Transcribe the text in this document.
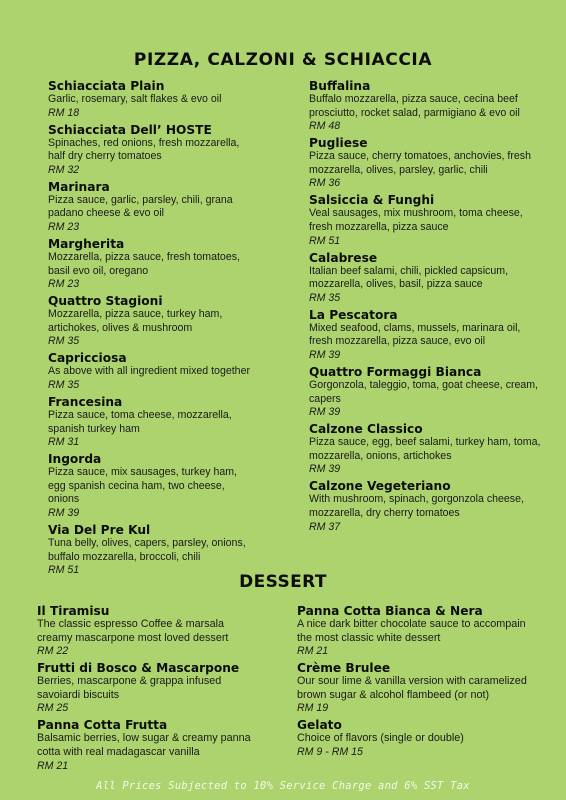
PIZZA, CALZONI & SCHIACCIA
Schiacciata Plain
Garlic, rosemary, salt flakes & evo oil
RM 18
Schiacciata Dell’ HOSTE
Spinaches, red onions, fresh mozzarella, half dry cherry tomatoes
RM 32
Marinara
Pizza sauce, garlic, parsley, chili, grana padano cheese & evo oil
RM 23
Margherita
Mozzarella, pizza sauce, fresh tomatoes, basil evo oil, oregano
RM 23
Quattro Stagioni
Mozzarella, pizza sauce, turkey ham, artichokes, olives & mushroom
RM 35
Capricciosa
As above with all ingredient mixed together
RM 35
Francesina
Pizza sauce, toma cheese, mozzarella, spanish turkey ham
RM 31
Ingorda
Pizza sauce, mix sausages, turkey ham, egg spanish cecina ham, two cheese, onions
RM 39
Via Del Pre Kul
Tuna belly, olives, capers, parsley, onions, buffalo mozzarella, broccoli, chili
RM 51
Buffalina
Buffalo mozzarella, pizza sauce, cecina beef prosciutto, rocket salad, parmigiano & evo oil
RM 48
Pugliese
Pizza sauce, cherry tomatoes, anchovies, fresh mozzarella, olives, parsley, garlic, chili
RM 36
Salsiccia & Funghi
Veal sausages, mix mushroom, toma cheese, fresh mozzarella, pizza sauce
RM 51
Calabrese
Italian beef salami, chili, pickled capsicum, mozzarella, olives, basil, pizza sauce
RM 35
La Pescatora
Mixed seafood, clams, mussels, marinara oil, fresh mozzarella, pizza sauce, evo oil
RM 39
Quattro Formaggi Bianca
Gorgonzola, taleggio, toma, goat cheese, cream, capers
RM 39
Calzone Classico
Pizza sauce, egg, beef salami, turkey ham, toma, mozzarella, onions, artichokes
RM 39
Calzone Vegeteriano
With mushroom, spinach, gorgonzola cheese, mozzarella, dry cherry tomatoes
RM 37
DESSERT
Il Tiramisu
The classic espresso Coffee & marsala creamy mascarpone most loved dessert
RM 22
Frutti di Bosco & Mascarpone
Berries, mascarpone & grappa infused savoiardi biscuits
RM 25
Panna Cotta Frutta
Balsamic berries, low sugar & creamy panna cotta with real madagascar vanilla
RM 21
Panna Cotta Bianca & Nera
A nice dark bitter chocolate sauce to accompain the most classic white dessert
RM 21
Crème Brulee
Our sour lime & vanilla version with caramelized brown sugar & alcohol flambeed (or not)
RM 19
Gelato
Choice of flavors (single or double)
RM 9 - RM 15
All Prices Subjected to 10% Service Charge and 6% SST Tax
